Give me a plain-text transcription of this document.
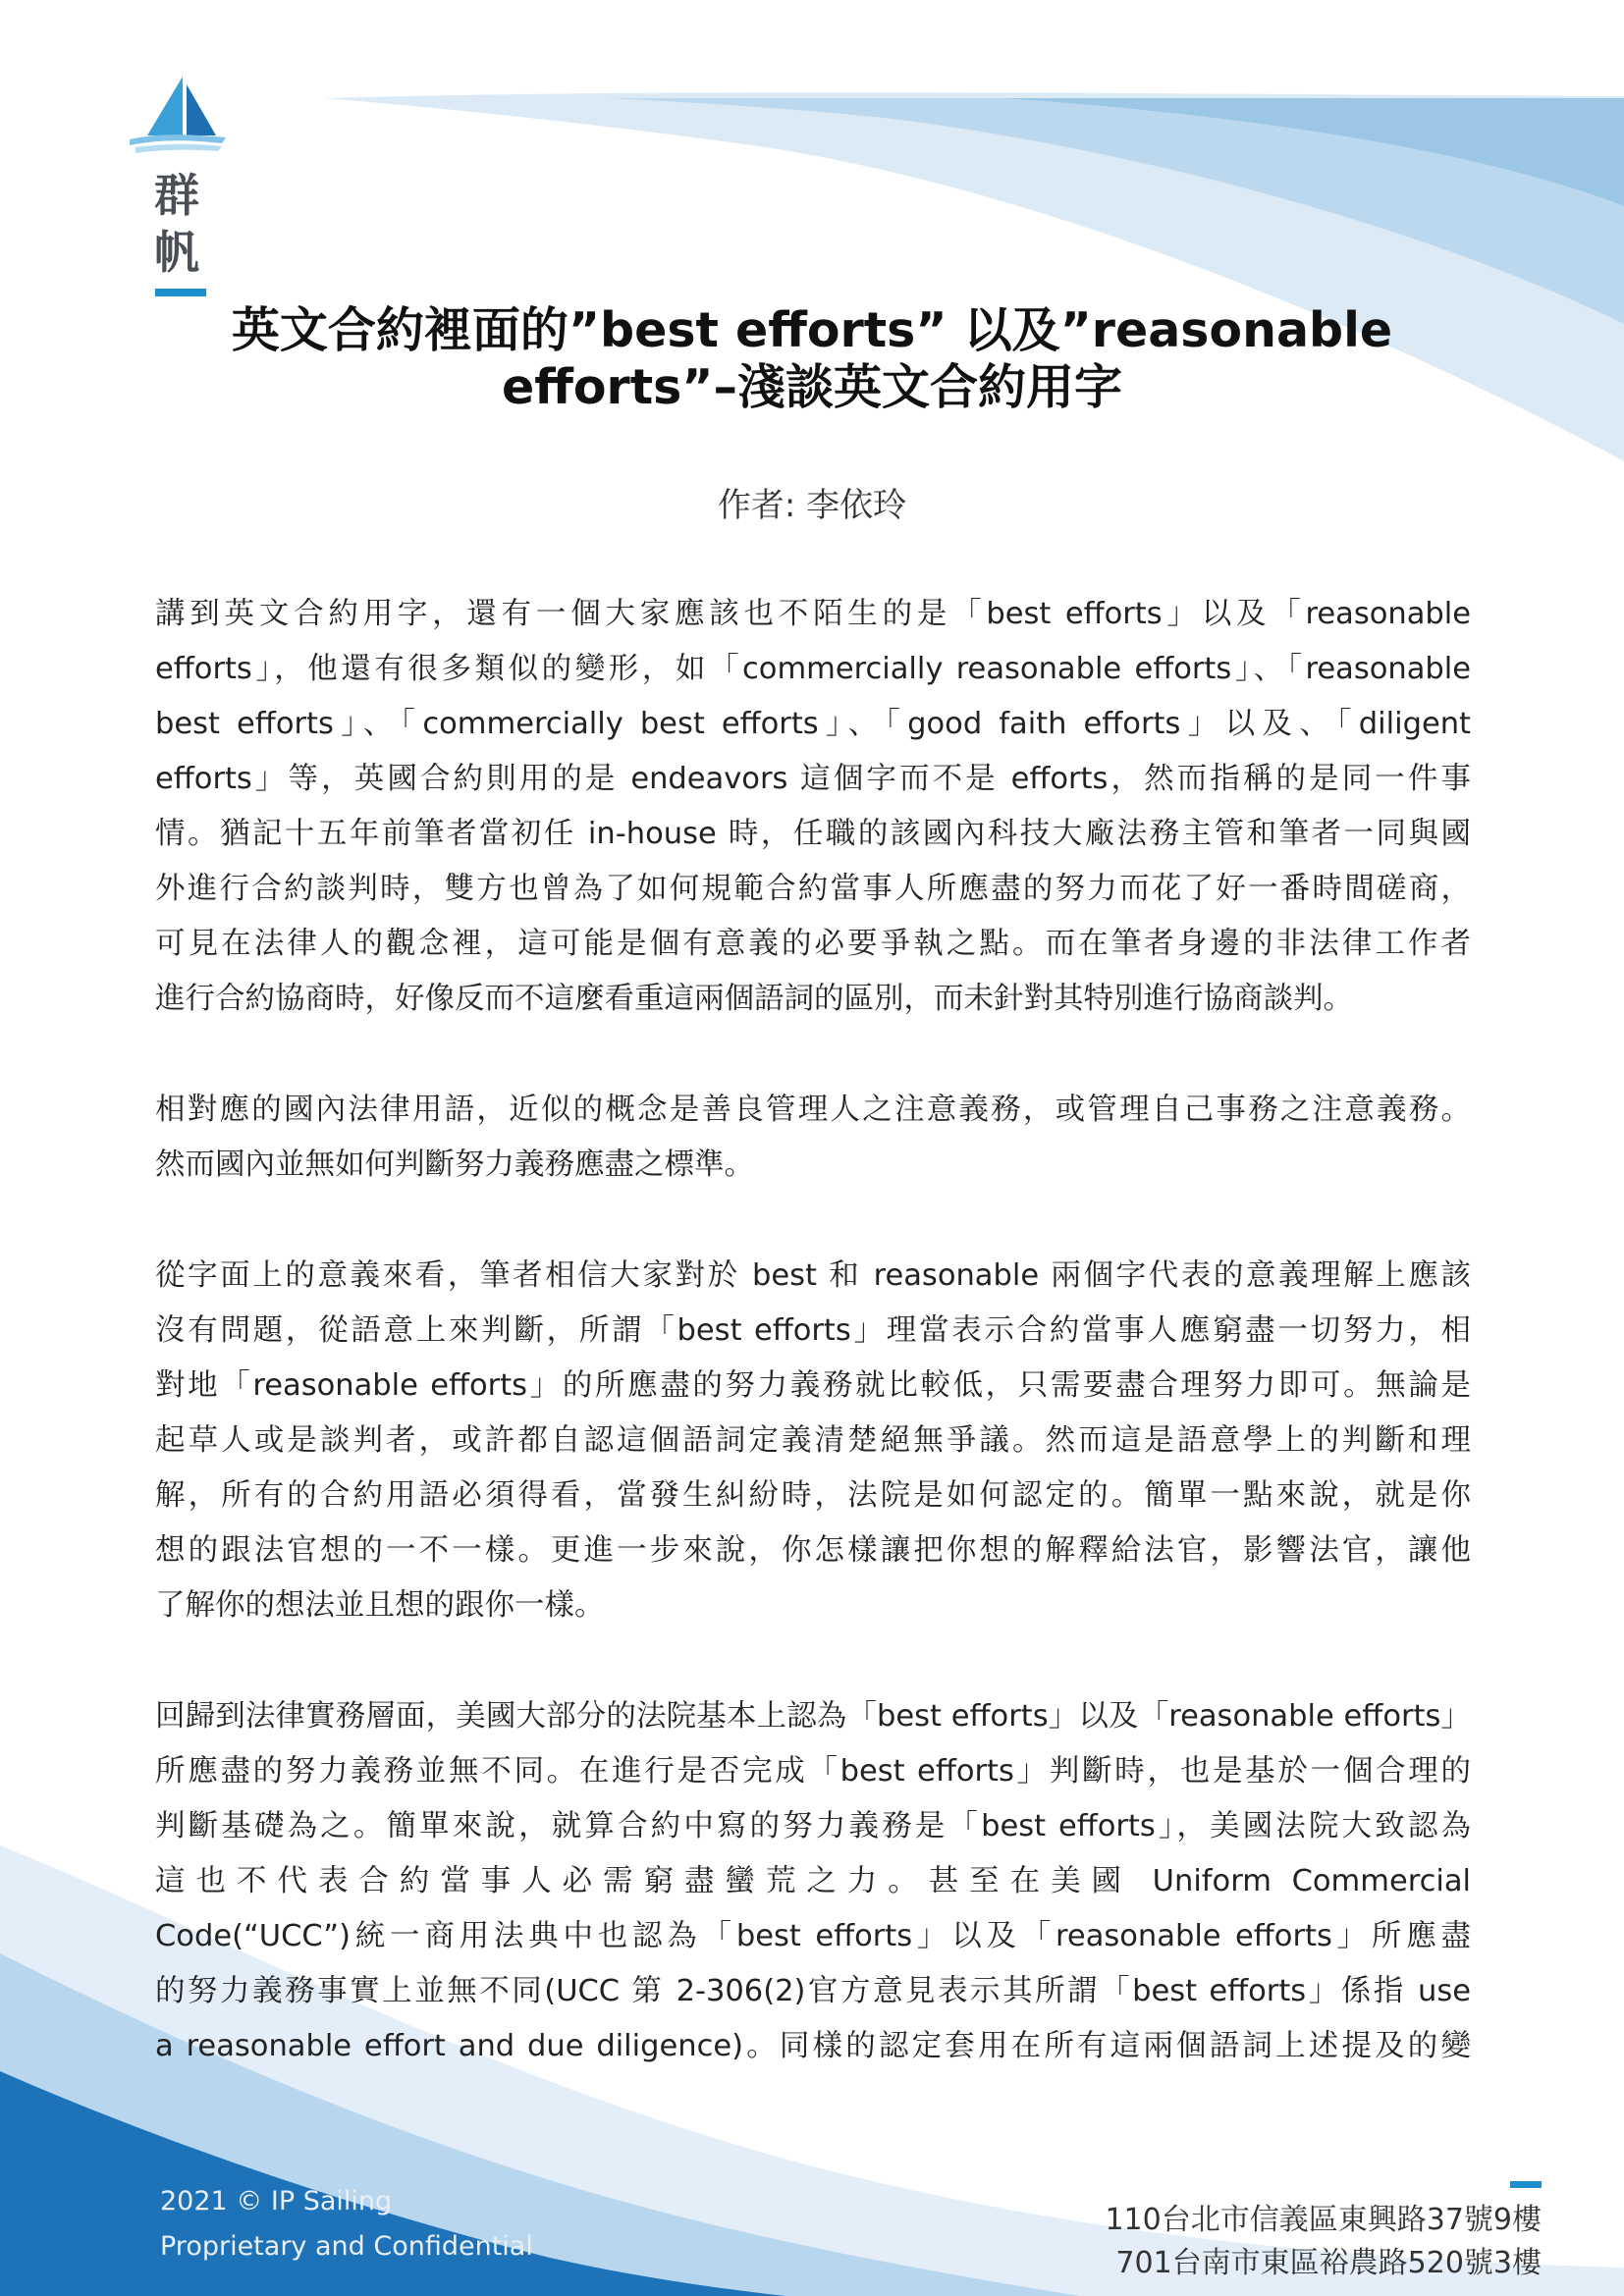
群
帆
英文合約裡面的”best efforts” 以及”reasonable
efforts”–淺談英文合約用字
作者: 李依玲
講到英文合約用字，還有一個大家應該也不陌生的是「best efforts」以及「reasonable
efforts」，他還有很多類似的變形，如「commercially reasonable efforts」、「reasonable
best efforts」、「commercially best efforts」、「good faith efforts」以及、「diligent
efforts」等，英國合約則用的是 endeavors 這個字而不是 efforts，然而指稱的是同一件事
情。猶記十五年前筆者當初任 in-house 時，任職的該國內科技大廠法務主管和筆者一同與國
外進行合約談判時，雙方也曾為了如何規範合約當事人所應盡的努力而花了好一番時間磋商，
可見在法律人的觀念裡，這可能是個有意義的必要爭執之點。而在筆者身邊的非法律工作者
進行合約協商時，好像反而不這麼看重這兩個語詞的區別，而未針對其特別進行協商談判。
相對應的國內法律用語，近似的概念是善良管理人之注意義務，或管理自己事務之注意義務。
然而國內並無如何判斷努力義務應盡之標準。
從字面上的意義來看，筆者相信大家對於 best 和 reasonable 兩個字代表的意義理解上應該
沒有問題，從語意上來判斷，所謂「best efforts」理當表示合約當事人應窮盡一切努力，相
對地「reasonable efforts」的所應盡的努力義務就比較低，只需要盡合理努力即可。無論是
起草人或是談判者，或許都自認這個語詞定義清楚絕無爭議。然而這是語意學上的判斷和理
解，所有的合約用語必須得看，當發生糾紛時，法院是如何認定的。簡單一點來說，就是你
想的跟法官想的一不一樣。更進一步來說，你怎樣讓把你想的解釋給法官，影響法官，讓他
了解你的想法並且想的跟你一樣。
回歸到法律實務層面，美國大部分的法院基本上認為「best efforts」以及「reasonable efforts」
所應盡的努力義務並無不同。在進行是否完成「best efforts」判斷時，也是基於一個合理的
判斷基礎為之。簡單來說，就算合約中寫的努力義務是「best efforts」，美國法院大致認為
這也不代表合約當事人必需窮盡蠻荒之力。甚至在美國 Uniform Commercial
Code(“UCC”)統一商用法典中也認為「best efforts」以及「reasonable efforts」所應盡
的努力義務事實上並無不同(UCC 第 2-306(2)官方意見表示其所謂「best efforts」係指 use
a reasonable effort and due diligence)。同樣的認定套用在所有這兩個語詞上述提及的變
2021 © IP Sailing
Proprietary and Confidential
110台北市信義區東興路37號9樓
701台南市東區裕農路520號3樓
